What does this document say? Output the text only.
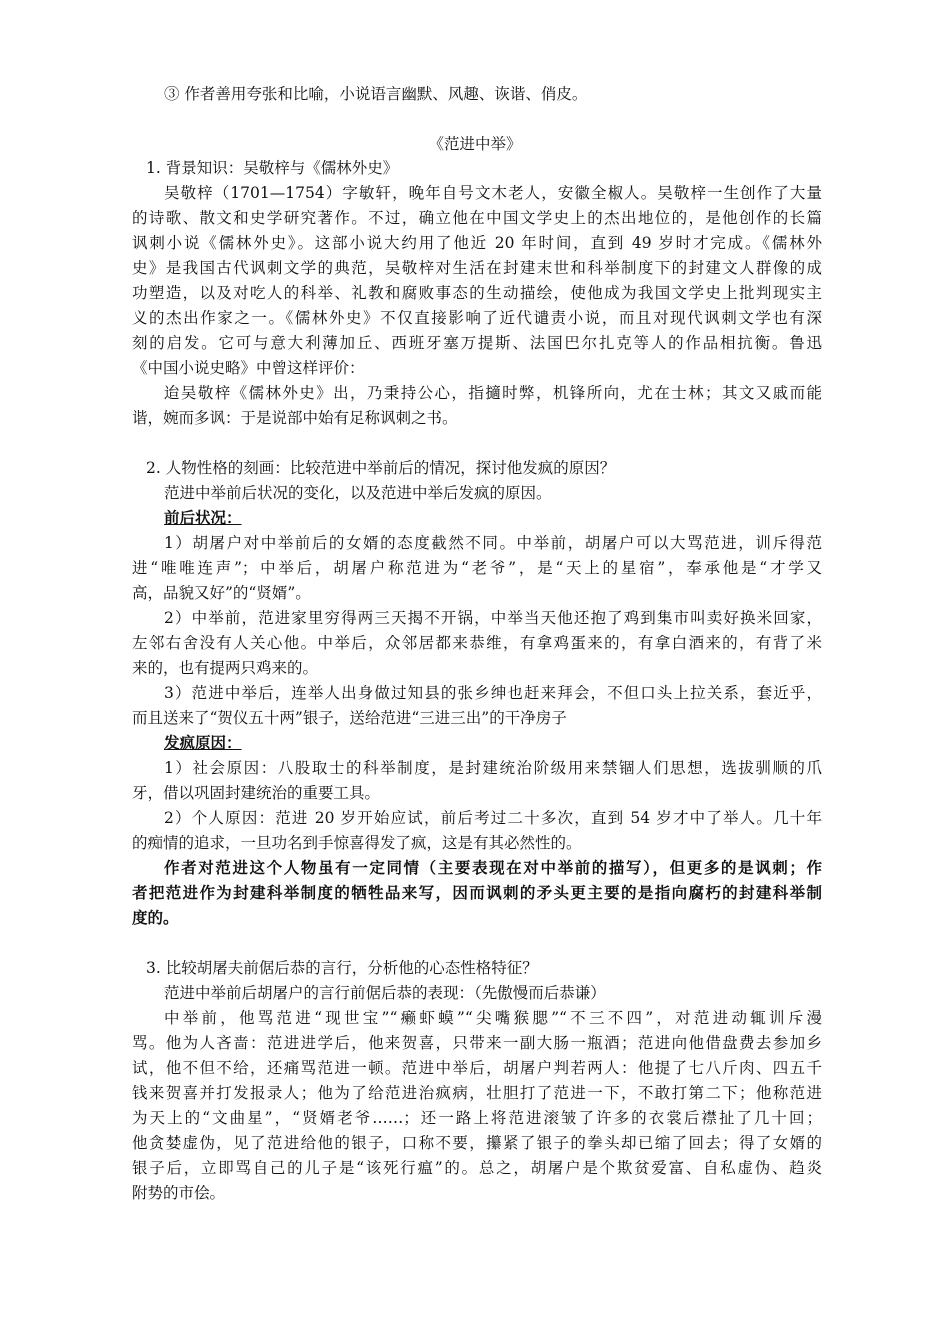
③ 作者善用夸张和比喻，小说语言幽默、风趣、诙谐、俏皮。
《范进中举》
1. 背景知识：吴敬梓与《儒林外史》
吴敬梓（1701—1754）字敏轩，晚年自号文木老人，安徽全椒人。吴敬梓一生创作了大量
的诗歌、散文和史学研究著作。不过，确立他在中国文学史上的杰出地位的，是他创作的长篇
讽刺小说《儒林外史》。这部小说大约用了他近 20 年时间，直到 49 岁时才完成。《儒林外
史》是我国古代讽刺文学的典范，吴敬梓对生活在封建末世和科举制度下的封建文人群像的成
功塑造，以及对吃人的科举、礼教和腐败事态的生动描绘，使他成为我国文学史上批判现实主
义的杰出作家之一。《儒林外史》不仅直接影响了近代谴责小说，而且对现代讽刺文学也有深
刻的启发。它可与意大利薄加丘、西班牙塞万提斯、法国巴尔扎克等人的作品相抗衡。鲁迅
《中国小说史略》中曾这样评价：
迨吴敬梓《儒林外史》出，乃秉持公心，指擿时弊，机锋所向，尤在士林；其文又戚而能
谐，婉而多讽：于是说部中始有足称讽刺之书。
2. 人物性格的刻画：比较范进中举前后的情况，探讨他发疯的原因？
范进中举前后状况的变化，以及范进中举后发疯的原因。
前后状况：
1）胡屠户对中举前后的女婿的态度截然不同。中举前，胡屠户可以大骂范进，训斥得范
进“唯唯连声”；中举后，胡屠户称范进为“老爷”，是“天上的星宿”，奉承他是“才学又
高，品貌又好”的“贤婿”。
2）中举前，范进家里穷得两三天揭不开锅，中举当天他还抱了鸡到集市叫卖好换米回家，
左邻右舍没有人关心他。中举后，众邻居都来恭维，有拿鸡蛋来的，有拿白酒来的，有背了米
来的，也有提两只鸡来的。
3）范进中举后，连举人出身做过知县的张乡绅也赶来拜会，不但口头上拉关系，套近乎，
而且送来了“贺仪五十两”银子，送给范进“三进三出”的干净房子
发疯原因：
1）社会原因：八股取士的科举制度，是封建统治阶级用来禁锢人们思想，选拔驯顺的爪
牙，借以巩固封建统治的重要工具。
2）个人原因：范进 20 岁开始应试，前后考过二十多次，直到 54 岁才中了举人。几十年
的痴情的追求，一旦功名到手惊喜得发了疯，这是有其必然性的。
作者对范进这个人物虽有一定同情（主要表现在对中举前的描写），但更多的是讽刺；作
者把范进作为封建科举制度的牺牲品来写，因而讽刺的矛头更主要的是指向腐朽的封建科举制
度的。
3. 比较胡屠夫前倨后恭的言行，分析他的心态性格特征？
范进中举前后胡屠户的言行前倨后恭的表现：（先傲慢而后恭谦）
中举前，他骂范进“现世宝”“癞虾蟆”“尖嘴猴腮”“不三不四”，对范进动辄训斥漫
骂。他为人吝啬：范进进学后，他来贺喜，只带来一副大肠一瓶酒；范进向他借盘费去参加乡
试，他不但不给，还痛骂范进一顿。范进中举后，胡屠户判若两人：他提了七八斤肉、四五千
钱来贺喜并打发报录人；他为了给范进治疯病，壮胆打了范进一下，不敢打第二下；他称范进
为天上的“文曲星”，“贤婿老爷……；还一路上将范进滚皱了许多的衣裳后襟扯了几十回；
他贪婪虚伪，见了范进给他的银子，口称不要，攥紧了银子的拳头却已缩了回去；得了女婿的
银子后，立即骂自己的儿子是“该死行瘟”的。总之，胡屠户是个欺贫爱富、自私虚伪、趋炎
附势的市侩。
